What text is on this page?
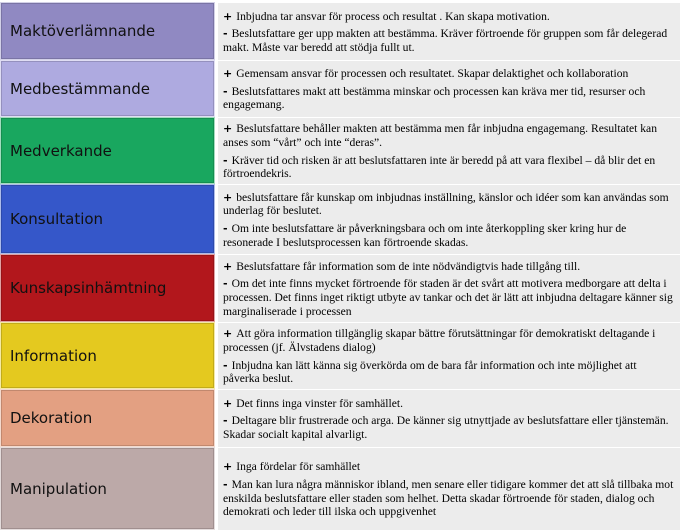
Maktöverlämnande

+ Inbjudna tar ansvar för process och resultat . Kan skapa motivation.

- Beslutsfattare ger upp makten att bestämma. Kräver förtroende för gruppen som får delegerad makt. Måste var beredd att stödja fullt ut.

Medbestämmande

+ Gemensam ansvar för processen och resultatet. Skapar delaktighet och kollaboration

- Beslutsfattares makt att bestämma minskar och processen kan kräva mer tid, resurser och engagemang.

Medverkande

+ Beslutsfattare behåller makten att bestämma men får inbjudna engagemang. Resultatet kan anses som “vårt” och inte “deras”.

- Kräver tid och risken är att beslutsfattaren inte är beredd på att vara flexibel – då blir det en förtroendekris.

Konsultation

+ beslutsfattare får kunskap om inbjudnas inställning, känslor och idéer som kan användas som underlag för beslutet.

- Om inte beslutsfattare är påverkningsbara och om inte återkoppling sker kring hur de resonerade I beslutsprocessen kan förtroende skadas.

Kunskapsinhämtning

+ Beslutsfattare får information som de inte nödvändigtvis hade tillgång till.

- Om det inte finns mycket förtroende för staden är det svårt att motivera medborgare att delta i processen. Det finns inget riktigt utbyte av tankar och det är lätt att inbjudna deltagare känner sig marginaliserade i processen

Information

+ Att göra information tillgänglig skapar bättre förutsättningar för demokratiskt deltagande i processen (jf. Älvstadens dialog)

- Inbjudna kan lätt känna sig överkörda om de bara får information och inte möjlighet att påverka beslut.

Dekoration

+ Det finns inga vinster för samhället.

- Deltagare blir frustrerade och arga. De känner sig utnyttjade av beslutsfattare eller tjänstemän. Skadar socialt kapital alvarligt.

Manipulation

+ Inga fördelar för samhället

- Man kan lura några människor ibland, men senare eller tidigare kommer det att slå tillbaka mot enskilda beslutsfattare eller staden som helhet. Detta skadar förtroende för staden, dialog och demokrati och leder till ilska och uppgivenhet
